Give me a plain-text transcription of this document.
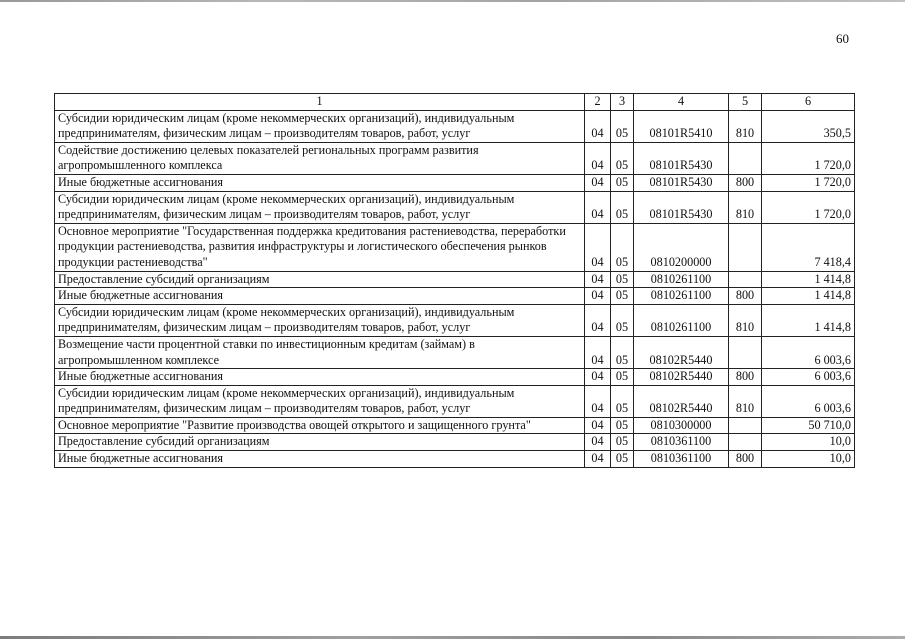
60
1	2	3	4	5	6
Субсидии юридическим лицам (кроме некоммерческих организаций), индивидуальным предпринимателям, физическим лицам – производителям товаров, работ, услуг	04	05	08101R5410	810	350,5
Содействие достижению целевых показателей региональных программ развития агропромышленного комплекса	04	05	08101R5430		1 720,0
Иные бюджетные ассигнования	04	05	08101R5430	800	1 720,0
Субсидии юридическим лицам (кроме некоммерческих организаций), индивидуальным предпринимателям, физическим лицам – производителям товаров, работ, услуг	04	05	08101R5430	810	1 720,0
Основное мероприятие "Государственная поддержка кредитования растениеводства, переработки продукции растениеводства, развития инфраструктуры и логистического обеспечения рынков продукции растениеводства"	04	05	0810200000		7 418,4
Предоставление субсидий организациям	04	05	0810261100		1 414,8
Иные бюджетные ассигнования	04	05	0810261100	800	1 414,8
Субсидии юридическим лицам (кроме некоммерческих организаций), индивидуальным предпринимателям, физическим лицам – производителям товаров, работ, услуг	04	05	0810261100	810	1 414,8
Возмещение части процентной ставки по инвестиционным кредитам (займам) в агропромышленном комплексе	04	05	08102R5440		6 003,6
Иные бюджетные ассигнования	04	05	08102R5440	800	6 003,6
Субсидии юридическим лицам (кроме некоммерческих организаций), индивидуальным предпринимателям, физическим лицам – производителям товаров, работ, услуг	04	05	08102R5440	810	6 003,6
Основное мероприятие "Развитие производства овощей открытого и защищенного грунта"	04	05	0810300000		50 710,0
Предоставление субсидий организациям	04	05	0810361100		10,0
Иные бюджетные ассигнования	04	05	0810361100	800	10,0
